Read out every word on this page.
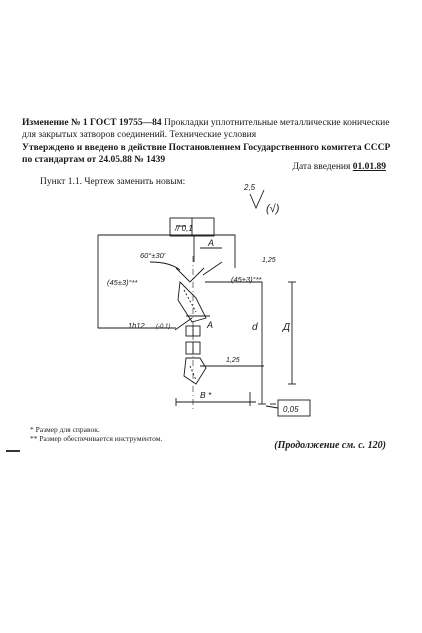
Изменение № 1 ГОСТ 19755—84 Прокладки уплотнительные металлические конические для закрытых затворов соединений. Технические условия

Утверждено и введено в действие Постановлением Государственного комитета СССР по стандартам от 24.05.88 № 1439

Дата введения 01.01.89
Пункт 1.1. Чертеж заменить новым:
2,5
(√)
// 0,1
A
60°±30'
(45±3)°**	(45±3)°**
1,25
A
1h12 (-0,1)
1,25
d	Д
B *
0,05
* Размер для справок.
** Размер обеспечивается инструментом.
(Продолжение см. с. 120)
